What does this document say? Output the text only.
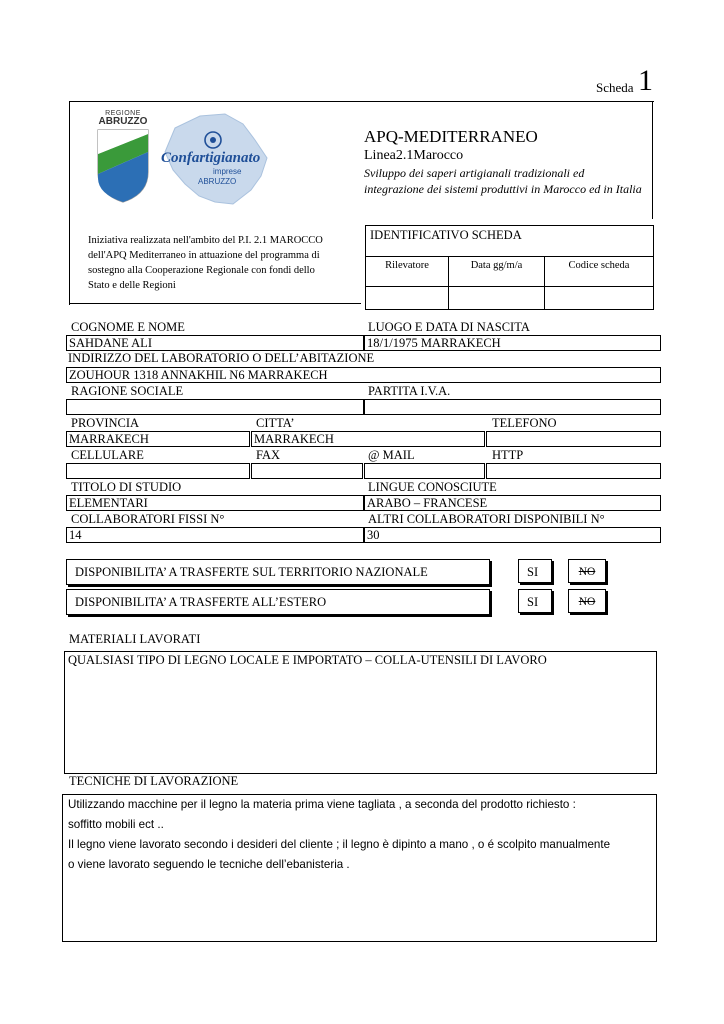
Scheda 1
REGIONE
ABRUZZO
Confartigianato
imprese
ABRUZZO
APQ-MEDITERRANEO
Linea2.1Marocco
Sviluppo dei saperi artigianali tradizionali ed integrazione dei sistemi produttivi in Marocco ed in Italia
Iniziativa realizzata nell'ambito del P.I. 2.1 MAROCCO dell'APQ Mediterraneo in attuazione del programma di sostegno alla Cooperazione Regionale con fondi dello Stato e delle Regioni
IDENTIFICATIVO SCHEDA		
Rilevatore	Data gg/m/a	Codice scheda

COGNOME E NOME	LUOGO E DATA DI NASCITA
SAHDANE ALI	18/1/1975 MARRAKECH
INDIRIZZO DEL LABORATORIO O DELL’ABITAZIONE
ZOUHOUR 1318 ANNAKHIL N6 MARRAKECH
RAGIONE SOCIALE	PARTITA I.V.A.
PROVINCIA	CITTA’	TELEFONO
MARRAKECH	MARRAKECH
CELLULARE	FAX	@ MAIL	HTTP
TITOLO DI STUDIO	LINGUE CONOSCIUTE
ELEMENTARI	ARABO – FRANCESE
COLLABORATORI FISSI N°	ALTRI COLLABORATORI DISPONIBILI N°
14	30
DISPONIBILITA’ A TRASFERTE SUL TERRITORIO NAZIONALE	SI	NO
DISPONIBILITA’ A TRASFERTE ALL’ESTERO	SI	NO
MATERIALI LAVORATI
QUALSIASI TIPO DI LEGNO LOCALE E IMPORTATO – COLLA-UTENSILI DI LAVORO
TECNICHE DI LAVORAZIONE
Utilizzando macchine per il legno la materia prima viene tagliata , a seconda del prodotto richiesto :
soffitto mobili ect ..
Il legno viene lavorato secondo i desideri del cliente ; il legno è dipinto a mano , o é scolpito manualmente
o viene lavorato seguendo le tecniche dell’ebanisteria .
